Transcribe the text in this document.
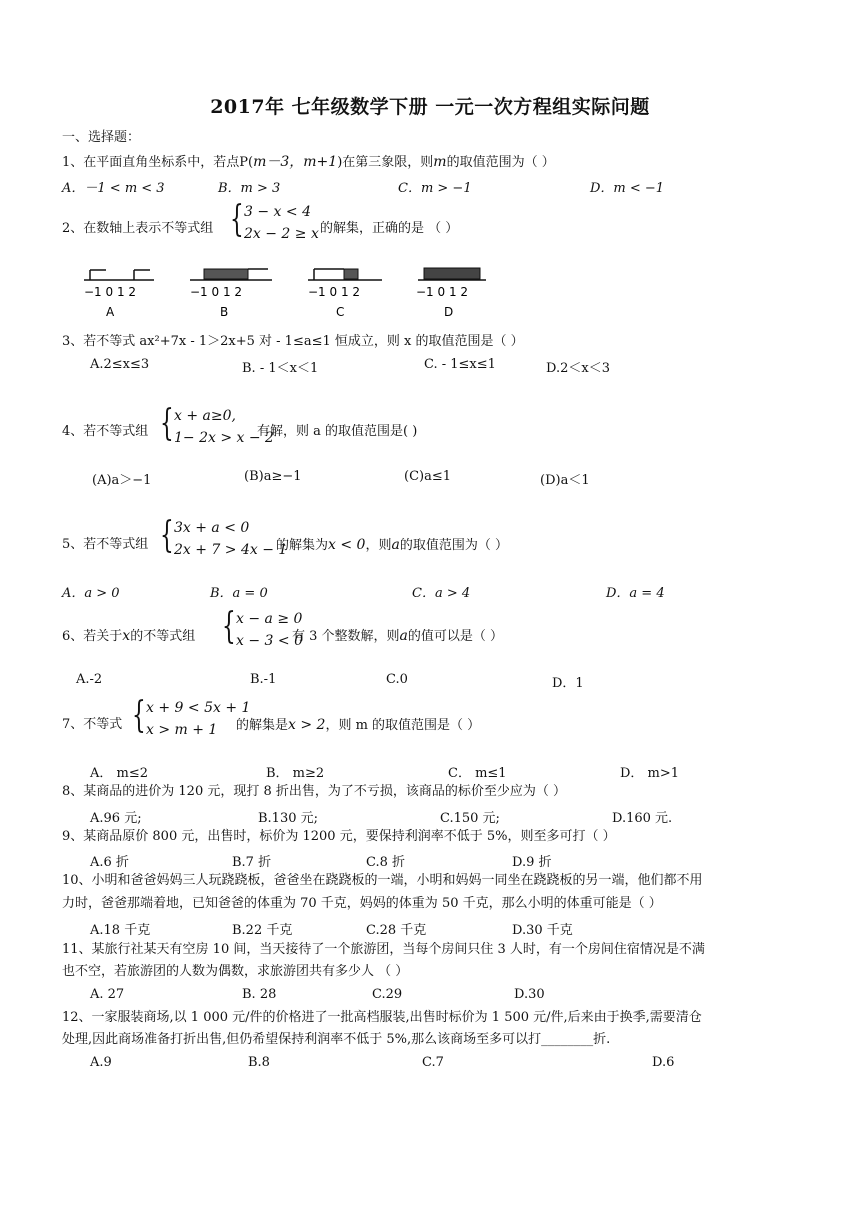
2017年 七年级数学下册 一元一次方程组实际问题
一、选择题：
1、在平面直角坐标系中，若点P(m－3，m+1)在第三象限，则m的取值范围为（ ）
A．－1 < m < 3	B．m > 3	C．m > −1	D．m < −1
2、在数轴上表示不等式组 { 3 − x < 4
2x − 2 ≥ x 的解集，正确的是 （ ）
−1 0 1 2
A
−1 0 1 2
B
−1 0 1 2
C
−1 0 1 2
D
3、若不等式 ax²+7x - 1＞2x+5 对 - 1≤a≤1 恒成立，则 x 的取值范围是（ ）
A.2≤x≤3	B. - 1＜x＜1	C. - 1≤x≤1	D.2＜x＜3
4、若不等式组 { x + a≥0,
1− 2x > x − 2
有解，则 a 的取值范围是( )
(A)a＞−1	(B)a≥−1	(C)a≤1	(D)a＜1
5、若不等式组 { 3x + a < 0
2x + 7 > 4x − 1
的解集为x < 0，则a的取值范围为（ ）
A．a > 0	B．a = 0	C．a > 4	D．a = 4
6、若关于x的不等式组 { x − a ≥ 0
x − 3 < 0
有 3 个整数解，则a的值可以是（ ）
A.-2	B.-1	C.0	D．1
7、不等式 { x + 9 < 5x + 1
x > m + 1 的解集是x > 2，则 m 的取值范围是（ ）
A． m≤2	B． m≥2	C． m≤1	D． m>1
8、某商品的进价为 120 元，现打 8 折出售，为了不亏损，该商品的标价至少应为（ ）
A.96 元;	B.130 元;	C.150 元;	D.160 元.
9、某商品原价 800 元，出售时，标价为 1200 元，要保持利润率不低于 5%，则至多可打（ ）
A.6 折	B.7 折	C.8 折	D.9 折
10、小明和爸爸妈妈三人玩跷跷板，爸爸坐在跷跷板的一端，小明和妈妈一同坐在跷跷板的另一端，他们都不用
力时，爸爸那端着地，已知爸爸的体重为 70 千克，妈妈的体重为 50 千克，那么小明的体重可能是（ ）
A.18 千克	B.22 千克	C.28 千克	D.30 千克
11、某旅行社某天有空房 10 间，当天接待了一个旅游团，当每个房间只住 3 人时，有一个房间住宿情况是不满
也不空，若旅游团的人数为偶数，求旅游团共有多少人 （ ）
A. 27	B. 28	C.29	D.30
12、一家服装商场,以 1 000 元/件的价格进了一批高档服装,出售时标价为 1 500 元/件,后来由于换季,需要清仓
处理,因此商场准备打折出售,但仍希望保持利润率不低于 5%,那么该商场至多可以打________折.
A.9	B.8	C.7	D.6
